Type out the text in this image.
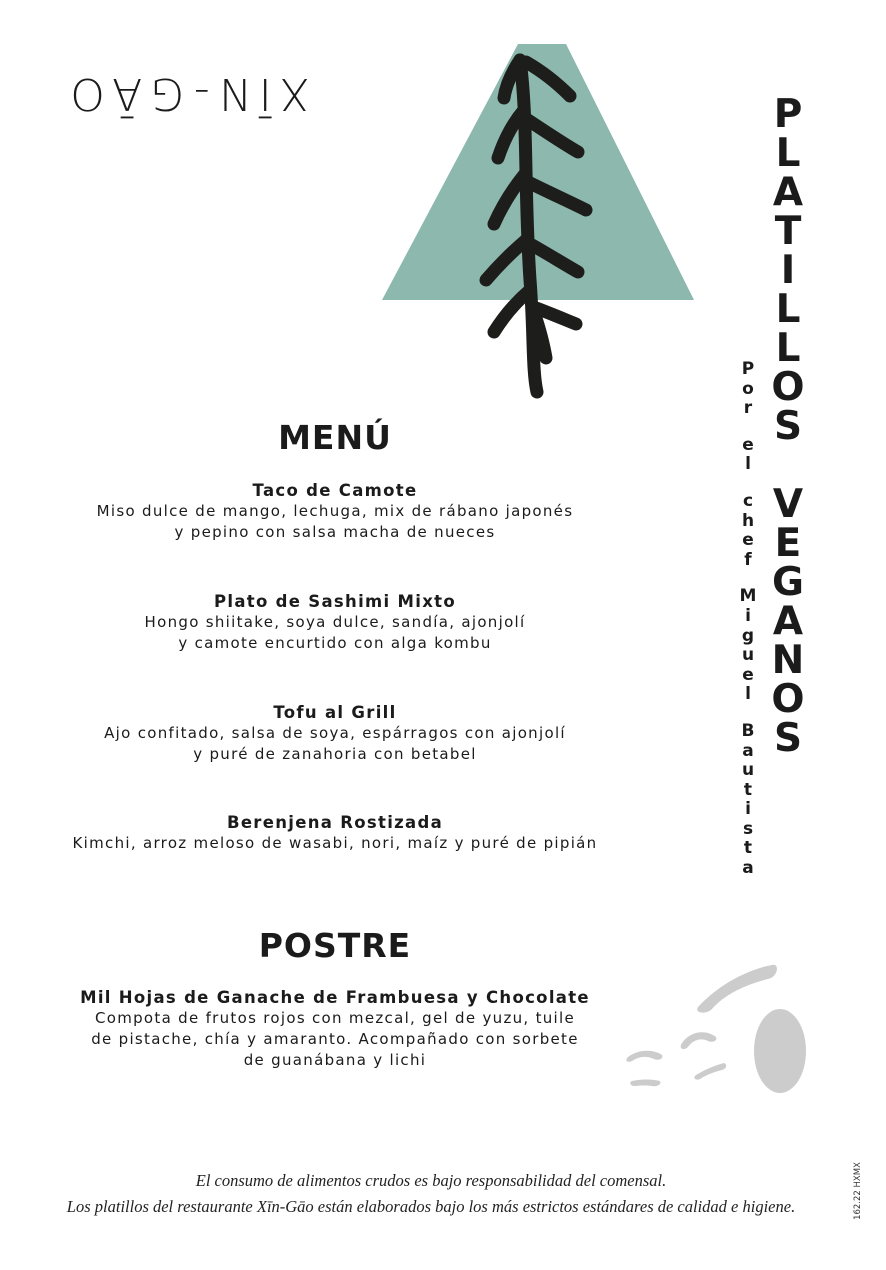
XĪN-GĀO	P
L
A
T
I
L
L
O
S
V
E
G
A
N
O
S
P
o
r
e
l
c
h
e
f
M
i
g
u
e
l
B
a
u
t
i
s
t
a
MENÚ
Taco de Camote
Miso dulce de mango, lechuga, mix de rábano japonés
y pepino con salsa macha de nueces
Plato de Sashimi Mixto
Hongo shiitake, soya dulce, sandía, ajonjolí
y camote encurtido con alga kombu
Tofu al Grill
Ajo confitado, salsa de soya, espárragos con ajonjolí
y puré de zanahoria con betabel
Berenjena Rostizada
Kimchi, arroz meloso de wasabi, nori, maíz y puré de pipián
POSTRE
Mil Hojas de Ganache de Frambuesa y Chocolate
Compota de frutos rojos con mezcal, gel de yuzu, tuile
de pistache, chía y amaranto. Acompañado con sorbete
de guanábana y lichi
El consumo de alimentos crudos es bajo responsabilidad del comensal.
Los platillos del restaurante Xīn-Gāo están elaborados bajo los más estrictos estándares de calidad e higiene.	162.22 HXMX
